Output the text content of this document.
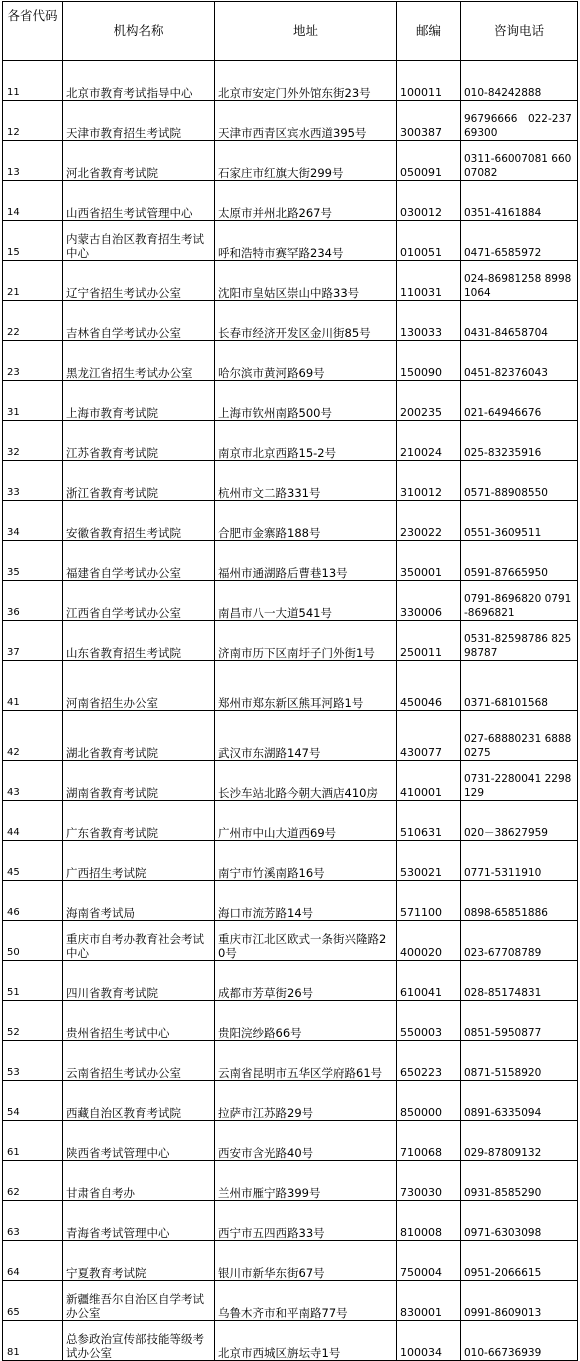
各省代码	机构名称	地址	邮编	咨询电话
11	北京市教育考试指导中心	北京市安定门外外馆东街23号	100011	010-84242888
12	天津市教育招生考试院	天津市西青区宾水西道395号	300387	96796666　022-23769300
13	河北省教育考试院	石家庄市红旗大街299号	050091	0311-66007081 66007082
14	山西省招生考试管理中心	太原市并州北路267号	030012	0351-4161884
15	内蒙古自治区教育招生考试中心	呼和浩特市赛罕路234号	010051	0471-6585972
21	辽宁省招生考试办公室	沈阳市皇姑区崇山中路33号	110031	024-86981258 89981064
22	吉林省自学考试办公室	长春市经济开发区金川街85号	130033	0431-84658704
23	黑龙江省招生考试办公室	哈尔滨市黄河路69号	150090	0451-82376043
31	上海市教育考试院	上海市钦州南路500号	200235	021-64946676
32	江苏省教育考试院	南京市北京西路15-2号	210024	025-83235916
33	浙江省教育考试院	杭州市文二路331号	310012	0571-88908550
34	安徽省教育招生考试院	合肥市金寨路188号	230022	0551-3609511
35	福建省自学考试办公室	福州市通湖路后曹巷13号	350001	0591-87665950
36	江西省自学考试办公室	南昌市八一大道541号	330006	0791-8696820 0791-8696821
37	山东省教育招生考试院	济南市历下区南圩子门外街1号	250011	0531-82598786 82598787
41	河南省招生办公室	郑州市郑东新区熊耳河路1号	450046	0371-68101568
42	湖北省教育考试院	武汉市东湖路147号	430077	027-68880231 68880275
43	湖南省教育考试院	长沙车站北路今朝大酒店410房	410001	0731-2280041 2298129
44	广东省教育考试院	广州市中山大道西69号	510631	020－38627959
45	广西招生考试院	南宁市竹溪南路16号	530021	0771-5311910
46	海南省考试局	海口市流芳路14号	571100	0898-65851886
50	重庆市自考办教育社会考试中心	重庆市江北区欧式一条街兴隆路20号	400020	023-67708789
51	四川省教育考试院	成都市芳草街26号	610041	028-85174831
52	贵州省招生考试中心	贵阳浣纱路66号	550003	0851-5950877
53	云南省招生考试办公室	云南省昆明市五华区学府路61号	650223	0871-5158920
54	西藏自治区教育考试院	拉萨市江苏路29号	850000	0891-6335094
61	陕西省考试管理中心	西安市含光路40号	710068	029-87809132
62	甘肃省自考办	兰州市雁宁路399号	730030	0931-8585290
63	青海省考试管理中心	西宁市五四西路33号	810008	0971-6303098
64	宁夏教育考试院	银川市新华东街67号	750004	0951-2066615
65	新疆维吾尔自治区自学考试办公室	乌鲁木齐市和平南路77号	830001	0991-8609013
81	总参政治宣传部技能等级考试办公室	北京市西城区旃坛寺1号	100034	010-66736939
